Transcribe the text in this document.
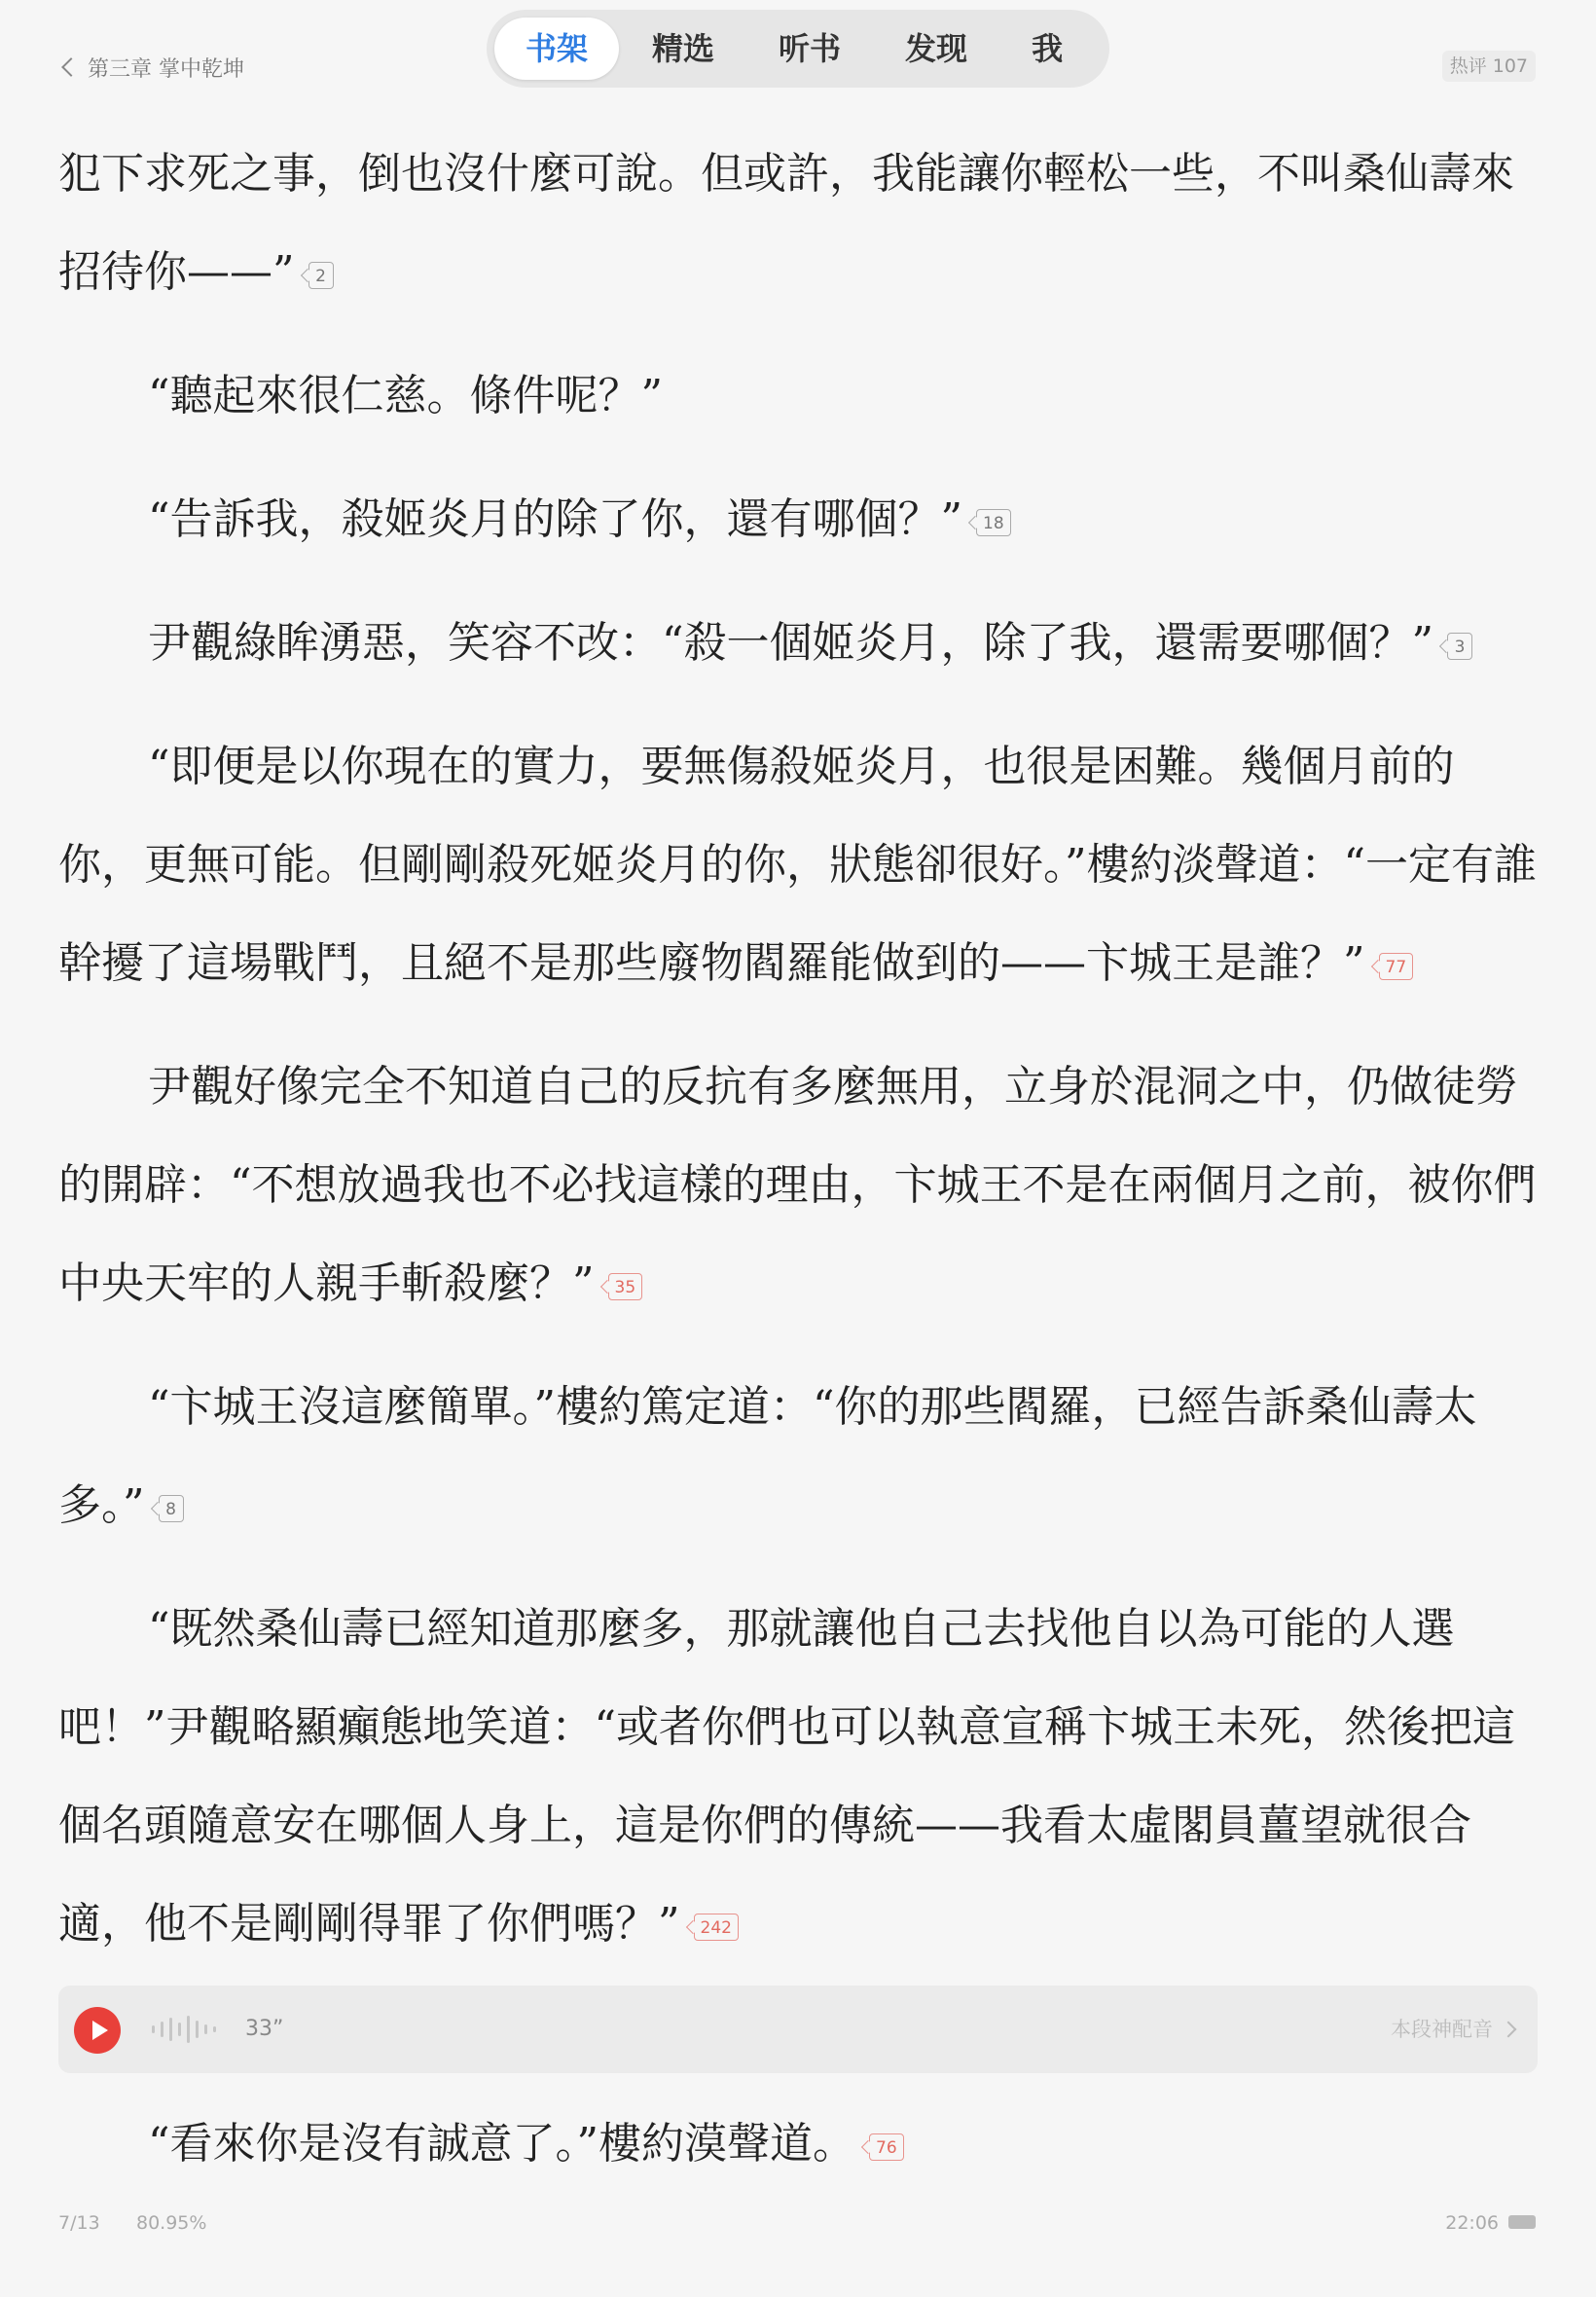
第三章 掌中乾坤
书架	精选	听书	发现	我	热评 107

犯下求死之事，倒也沒什麼可說。但或許，我能讓你輕松一些，不叫桑仙壽來招待你——” 2

“聽起來很仁慈。條件呢？”

“告訴我，殺姬炎月的除了你，還有哪個？” 18

尹觀綠眸湧惡，笑容不改：“殺一個姬炎月，除了我，還需要哪個？” 3

“即便是以你現在的實力，要無傷殺姬炎月，也很是困難。幾個月前的你，更無可能。但剛剛殺死姬炎月的你，狀態卻很好。”樓約淡聲道：“一定有誰幹擾了這場戰鬥，且絕不是那些廢物閻羅能做到的——卞城王是誰？” 77

尹觀好像完全不知道自己的反抗有多麼無用，立身於混洞之中，仍做徒勞的開辟：“不想放過我也不必找這樣的理由，卞城王不是在兩個月之前，被你們中央天牢的人親手斬殺麼？” 35

“卞城王沒這麼簡單。”樓約篤定道：“你的那些閻羅，已經告訴桑仙壽太多。” 8

“既然桑仙壽已經知道那麼多，那就讓他自己去找他自以為可能的人選吧！”尹觀略顯癲態地笑道：“或者你們也可以執意宣稱卞城王未死，然後把這個名頭隨意安在哪個人身上，這是你們的傳統——我看太虛閣員薑望就很合適，他不是剛剛得罪了你們嗎？” 242

33”	本段神配音

“看來你是沒有誠意了。”樓約漠聲道。 76

7/13 80.95%	22:06
